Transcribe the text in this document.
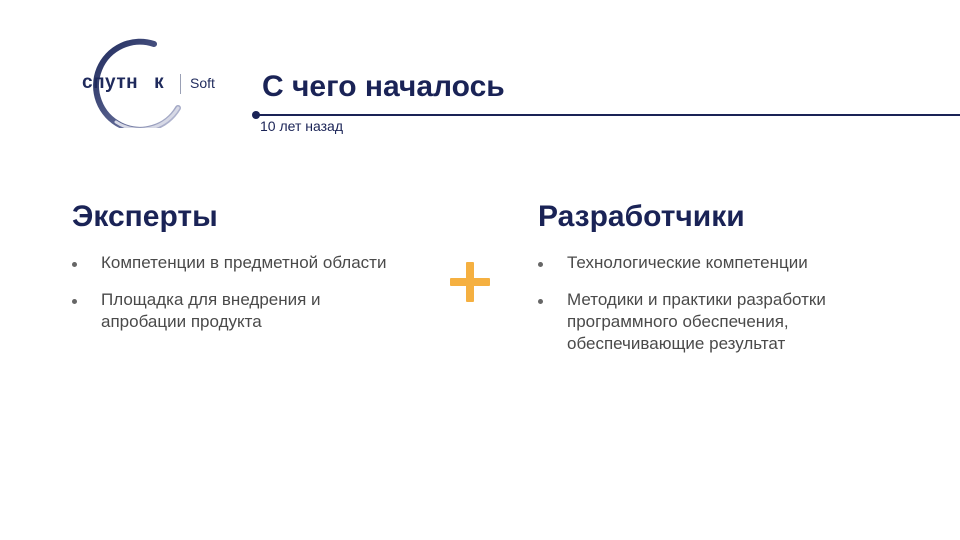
спутн к Soft С чего началось
10 лет назад
Эксперты
Компетенции в предметной области
Площадка для внедрения и апробации продукта
Разработчики
Технологические компетенции
Методики и практики разработки программного обеспечения, обеспечивающие результат
